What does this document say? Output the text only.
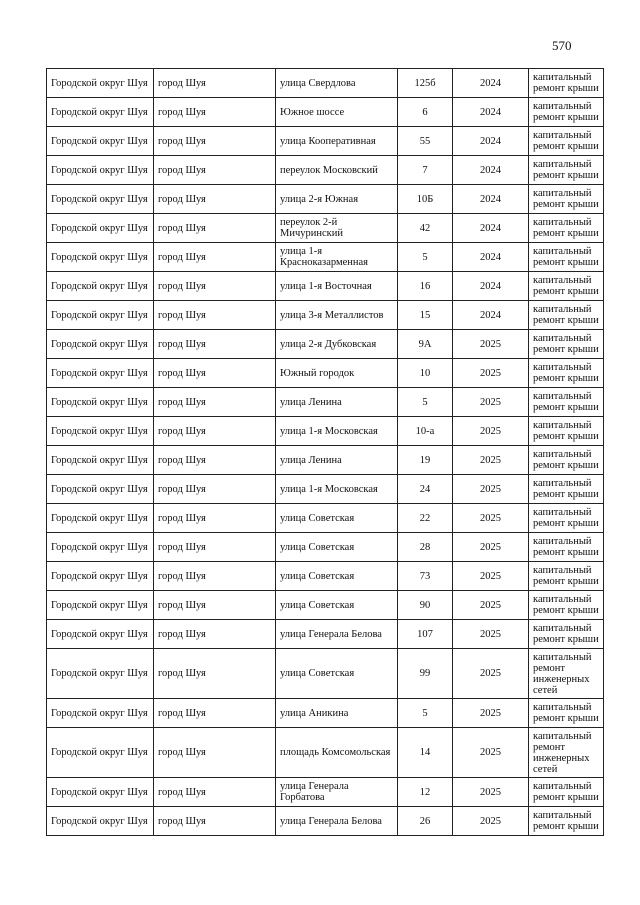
570
Городской округ Шуя	город Шуя	улица Свердлова	125б	2024	капитальный ремонт крыши
Городской округ Шуя	город Шуя	Южное шоссе	6	2024	капитальный ремонт крыши
Городской округ Шуя	город Шуя	улица Кооперативная	55	2024	капитальный ремонт крыши
Городской округ Шуя	город Шуя	переулок Московский	7	2024	капитальный ремонт крыши
Городской округ Шуя	город Шуя	улица 2-я Южная	10Б	2024	капитальный ремонт крыши
Городской округ Шуя	город Шуя	переулок 2-й Мичуринский	42	2024	капитальный ремонт крыши
Городской округ Шуя	город Шуя	улица 1-я Красноказарменная	5	2024	капитальный ремонт крыши
Городской округ Шуя	город Шуя	улица 1-я Восточная	16	2024	капитальный ремонт крыши
Городской округ Шуя	город Шуя	улица 3-я Металлистов	15	2024	капитальный ремонт крыши
Городской округ Шуя	город Шуя	улица 2-я Дубковская	9А	2025	капитальный ремонт крыши
Городской округ Шуя	город Шуя	Южный городок	10	2025	капитальный ремонт крыши
Городской округ Шуя	город Шуя	улица Ленина	5	2025	капитальный ремонт крыши
Городской округ Шуя	город Шуя	улица 1-я Московская	10-а	2025	капитальный ремонт крыши
Городской округ Шуя	город Шуя	улица Ленина	19	2025	капитальный ремонт крыши
Городской округ Шуя	город Шуя	улица 1-я Московская	24	2025	капитальный ремонт крыши
Городской округ Шуя	город Шуя	улица Советская	22	2025	капитальный ремонт крыши
Городской округ Шуя	город Шуя	улица Советская	28	2025	капитальный ремонт крыши
Городской округ Шуя	город Шуя	улица Советская	73	2025	капитальный ремонт крыши
Городской округ Шуя	город Шуя	улица Советская	90	2025	капитальный ремонт крыши
Городской округ Шуя	город Шуя	улица Генерала Белова	107	2025	капитальный ремонт крыши
Городской округ Шуя	город Шуя	улица Советская	99	2025	капитальный ремонт инженерных сетей
Городской округ Шуя	город Шуя	улица Аникина	5	2025	капитальный ремонт крыши
Городской округ Шуя	город Шуя	площадь Комсомольская	14	2025	капитальный ремонт инженерных сетей
Городской округ Шуя	город Шуя	улица Генерала Горбатова	12	2025	капитальный ремонт крыши
Городской округ Шуя	город Шуя	улица Генерала Белова	26	2025	капитальный ремонт крыши
